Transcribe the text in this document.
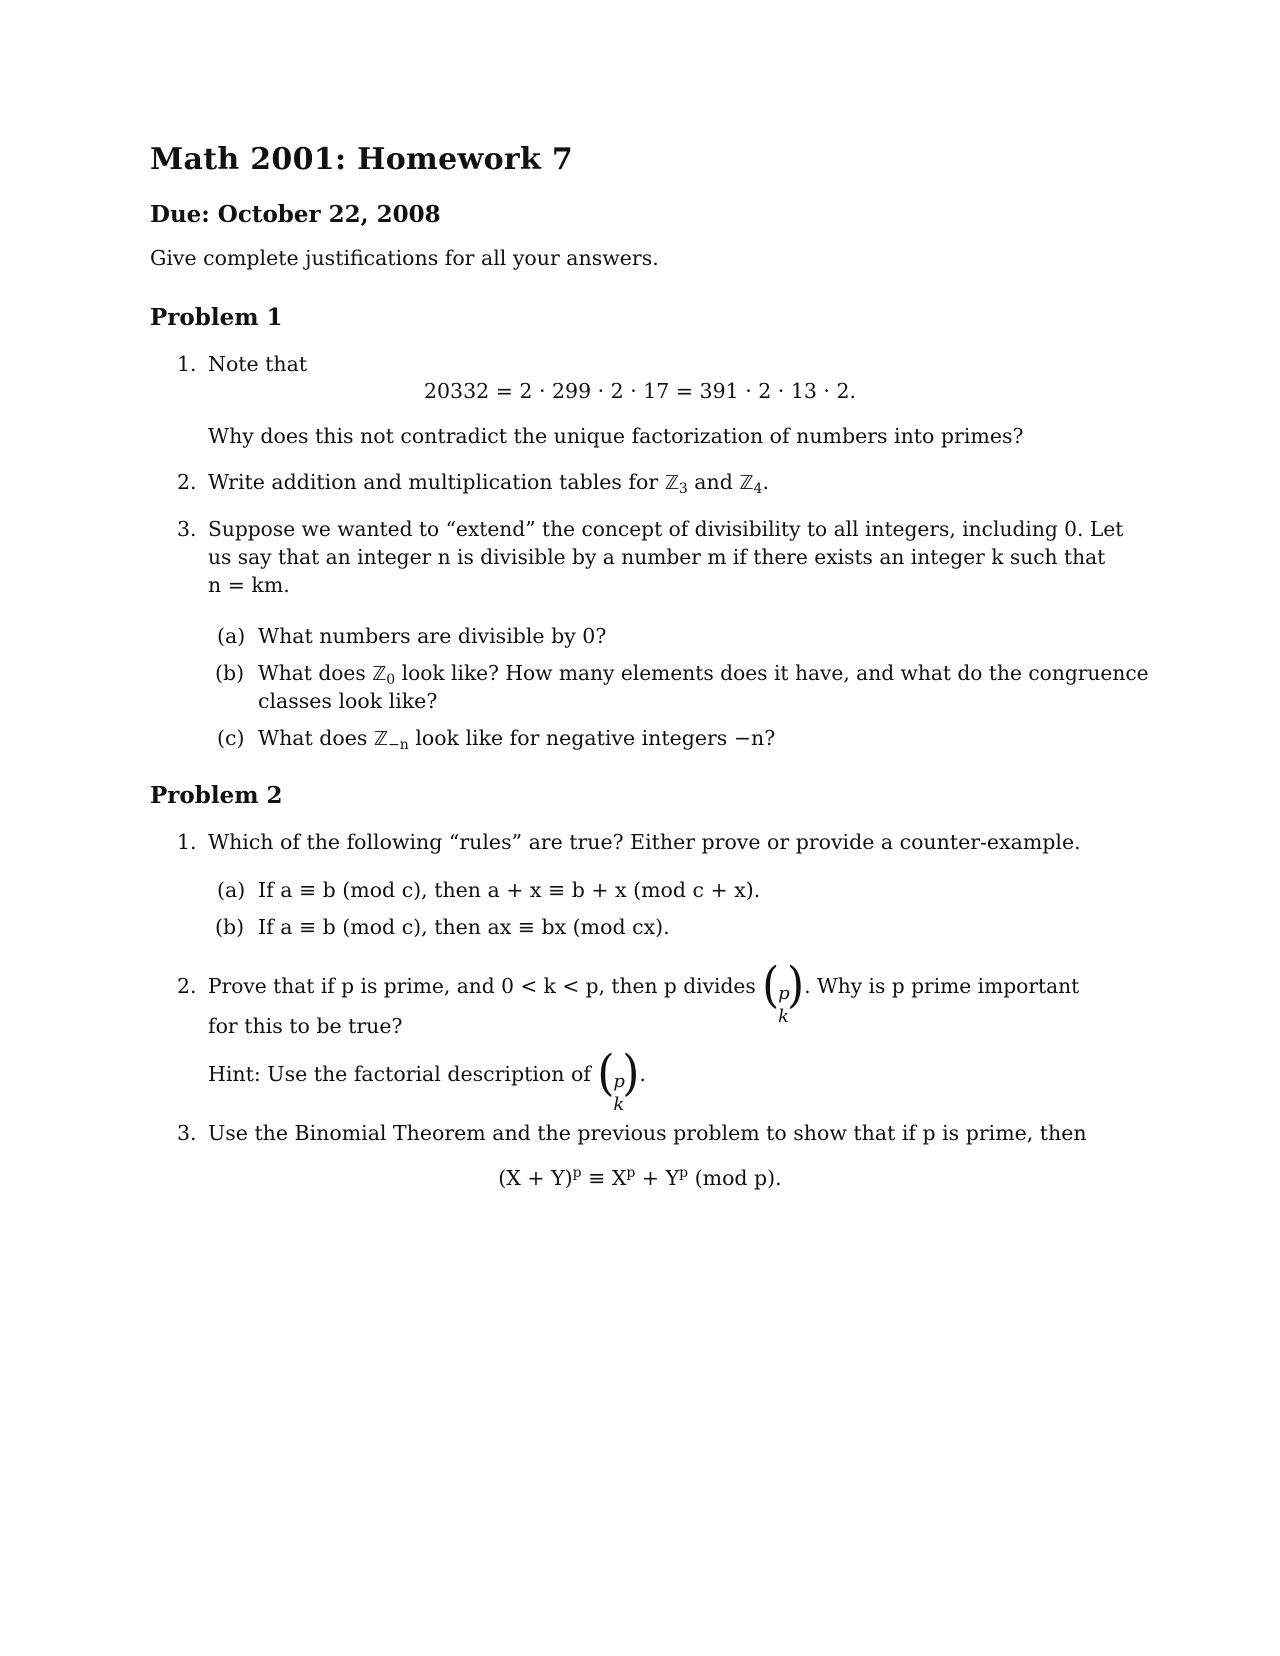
Math 2001: Homework 7
Due: October 22, 2008

Give complete justifications for all your answers.

Problem 1
1. Note that

20332 = 2 · 299 · 2 · 17 = 391 · 2 · 13 · 2.

Why does this not contradict the unique factorization of numbers into primes?

2. Write addition and multiplication tables for ℤ$_3$ and ℤ$_4$.

3. Suppose we wanted to “extend” the concept of divisibility to all integers, including 0. Let

us say that an integer n is divisible by a number m if there exists an integer k such that

n = km.

(a) What numbers are divisible by 0?

(b) What does ℤ$_0$ look like? How many elements does it have, and what do the congruence

classes look like?

(c) What does ℤ$_{-n}$ look like for negative integers −n?

Problem 2
1. Which of the following “rules” are true? Either prove or provide a counter-example.

(a) If a ≡ b (mod c), then a + x ≡ b + x (mod c + x).

(b) If a ≡ b (mod c), then ax ≡ bx (mod cx).

2. Prove that if p is prime, and 0 < k < p, then p divides (
p
k
) . Why is p prime important

for this to be true?

Hint: Use the factorial description of (
p
k
) .
3. Use the Binomial Theorem and the previous problem to show that if p is prime, then

$(X + Y)^p \equiv X^p + Y^p$ (mod p).
